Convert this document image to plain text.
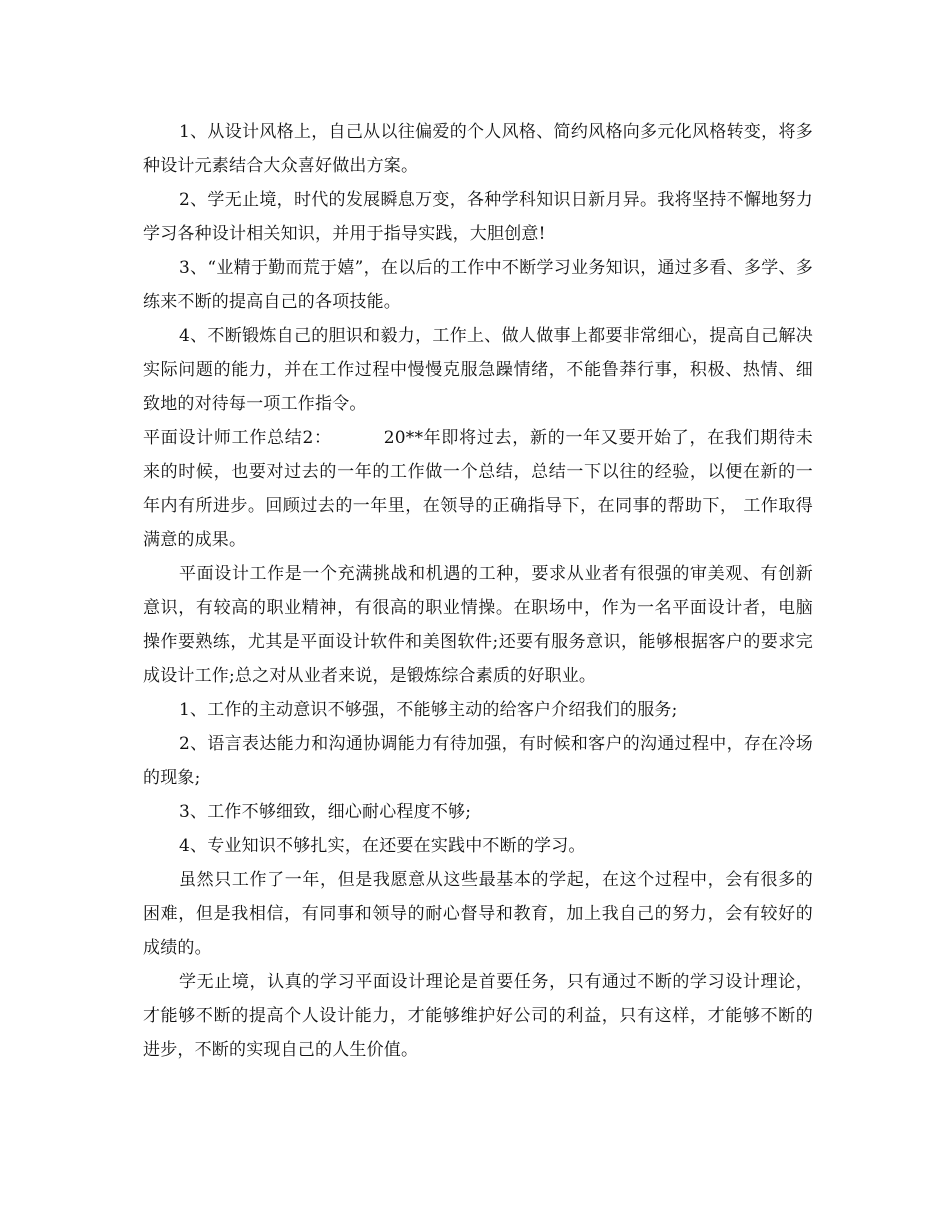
1、从设计风格上，自己从以往偏爱的个人风格、简约风格向多元化风格转变，将多种设计元素结合大众喜好做出方案。

2、学无止境，时代的发展瞬息万变，各种学科知识日新月异。我将坚持不懈地努力学习各种设计相关知识，并用于指导实践，大胆创意!

3、“业精于勤而荒于嬉”，在以后的工作中不断学习业务知识，通过多看、多学、多练来不断的提高自己的各项技能。

4、不断锻炼自己的胆识和毅力，工作上、做人做事上都要非常细心，提高自己解决实际问题的能力，并在工作过程中慢慢克服急躁情绪，不能鲁莽行事，积极、热情、细致地的对待每一项工作指令。

平面设计师工作总结2：	20**年即将过去，新的一年又要开始了，在我们期待未来的时候，也要对过去的一年的工作做一个总结，总结一下以往的经验，以便在新的一年内有所进步。回顾过去的一年里，在领导的正确指导下，在同事的帮助下， 工作取得满意的成果。

平面设计工作是一个充满挑战和机遇的工种，要求从业者有很强的审美观、有创新意识，有较高的职业精神，有很高的职业情操。在职场中，作为一名平面设计者，电脑操作要熟练，尤其是平面设计软件和美图软件;还要有服务意识，能够根据客户的要求完成设计工作;总之对从业者来说，是锻炼综合素质的好职业。

1、工作的主动意识不够强，不能够主动的给客户介绍我们的服务;

2、语言表达能力和沟通协调能力有待加强，有时候和客户的沟通过程中，存在冷场的现象;

3、工作不够细致，细心耐心程度不够;

4、专业知识不够扎实，在还要在实践中不断的学习。

虽然只工作了一年，但是我愿意从这些最基本的学起，在这个过程中，会有很多的困难，但是我相信，有同事和领导的耐心督导和教育，加上我自己的努力，会有较好的成绩的。

学无止境，认真的学习平面设计理论是首要任务，只有通过不断的学习设计理论，才能够不断的提高个人设计能力，才能够维护好公司的利益，只有这样，才能够不断的进步，不断的实现自己的人生价值。
